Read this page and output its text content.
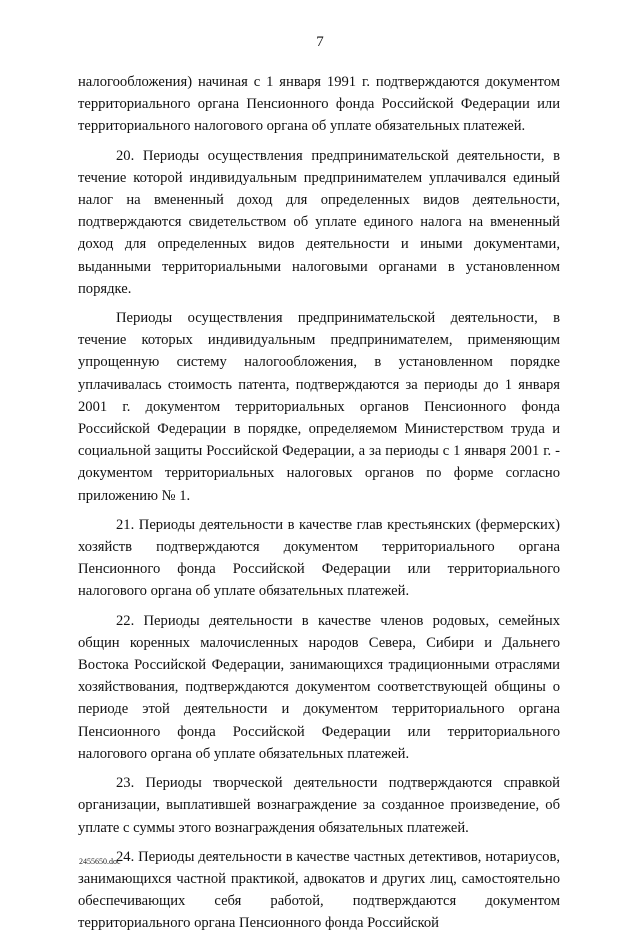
7

налогообложения) начиная с 1 января 1991 г. подтверждаются документом территориального органа Пенсионного фонда Российской Федерации или территориального налогового органа об уплате обязательных платежей.

20. Периоды осуществления предпринимательской деятельности, в течение которой индивидуальным предпринимателем уплачивался единый налог на вмененный доход для определенных видов деятельности, подтверждаются свидетельством об уплате единого налога на вмененный доход для определенных видов деятельности и иными документами, выданными территориальными налоговыми органами в установленном порядке.

Периоды осуществления предпринимательской деятельности, в течение которых индивидуальным предпринимателем, применяющим упрощенную систему налогообложения, в установленном порядке уплачивалась стоимость патента, подтверждаются за периоды до 1 января 2001 г. документом территориальных органов Пенсионного фонда Российской Федерации в порядке, определяемом Министерством труда и социальной защиты Российской Федерации, а за периоды с 1 января 2001 г. - документом территориальных налоговых органов по форме согласно приложению № 1.

21. Периоды деятельности в качестве глав крестьянских (фермерских) хозяйств подтверждаются документом территориального органа Пенсионного фонда Российской Федерации или территориального налогового органа об уплате обязательных платежей.

22. Периоды деятельности в качестве членов родовых, семейных общин коренных малочисленных народов Севера, Сибири и Дальнего Востока Российской Федерации, занимающихся традиционными отраслями хозяйствования, подтверждаются документом соответствующей общины о периоде этой деятельности и документом территориального органа Пенсионного фонда Российской Федерации или территориального налогового органа об уплате обязательных платежей.

23. Периоды творческой деятельности подтверждаются справкой организации, выплатившей вознаграждение за созданное произведение, об уплате с суммы этого вознаграждения обязательных платежей.

24. Периоды деятельности в качестве частных детективов, нотариусов, занимающихся частной практикой, адвокатов и других лиц, самостоятельно обеспечивающих себя работой, подтверждаются документом территориального органа Пенсионного фонда Российской

2455650.doc
